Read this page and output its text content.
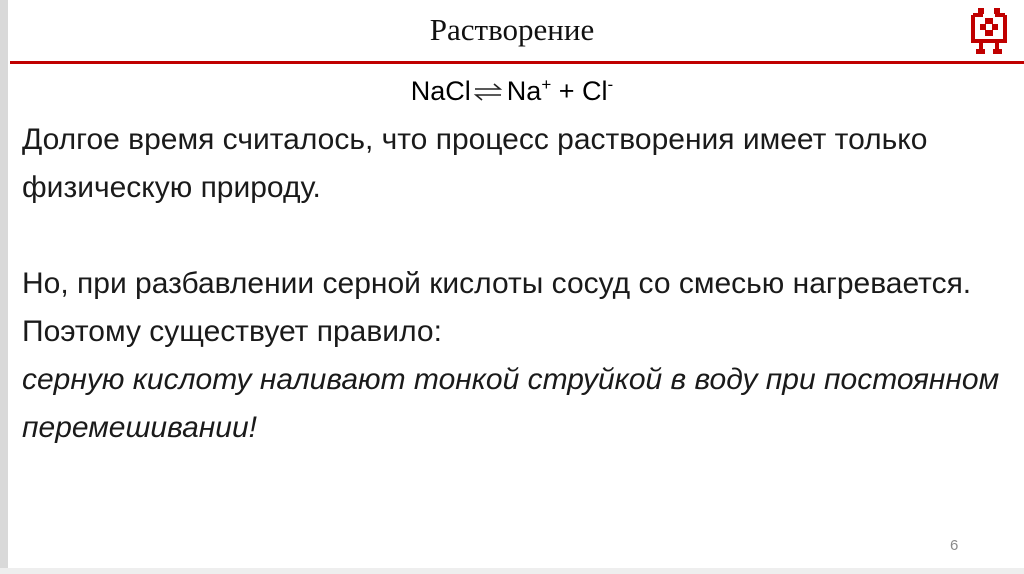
Растворение
NaCl ⇌ Na+ + Cl-

Долгое время считалось, что процесс растворения имеет только физическую природу.

Но, при разбавлении серной кислоты сосуд со смесью нагревается. Поэтому существует правило:

серную кислоту наливают тонкой струйкой в воду при постоянном перемешивании!

6
